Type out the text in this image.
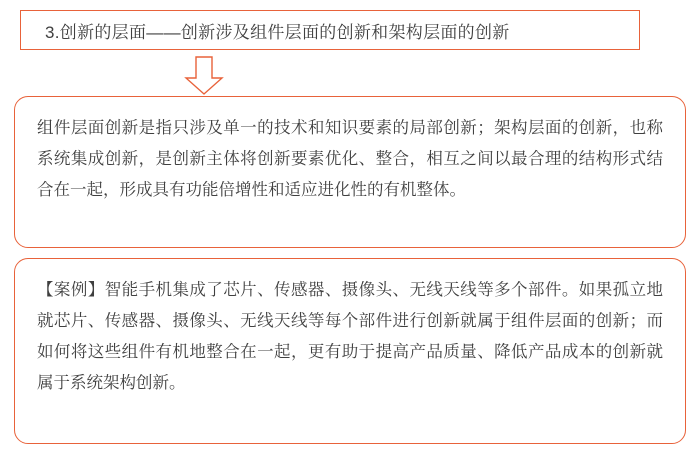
3.创新的层面——创新涉及组件层面的创新和架构层面的创新

组件层面创新是指只涉及单一的技术和知识要素的局部创新；架构层面的创新，也称系统集成创新，是创新主体将创新要素优化、整合，相互之间以最合理的结构形式结合在一起，形成具有功能倍增性和适应进化性的有机整体。

【案例】智能手机集成了芯片、传感器、摄像头、无线天线等多个部件。如果孤立地就芯片、传感器、摄像头、无线天线等每个部件进行创新就属于组件层面的创新；而如何将这些组件有机地整合在一起，更有助于提高产品质量、降低产品成本的创新就属于系统架构创新。
